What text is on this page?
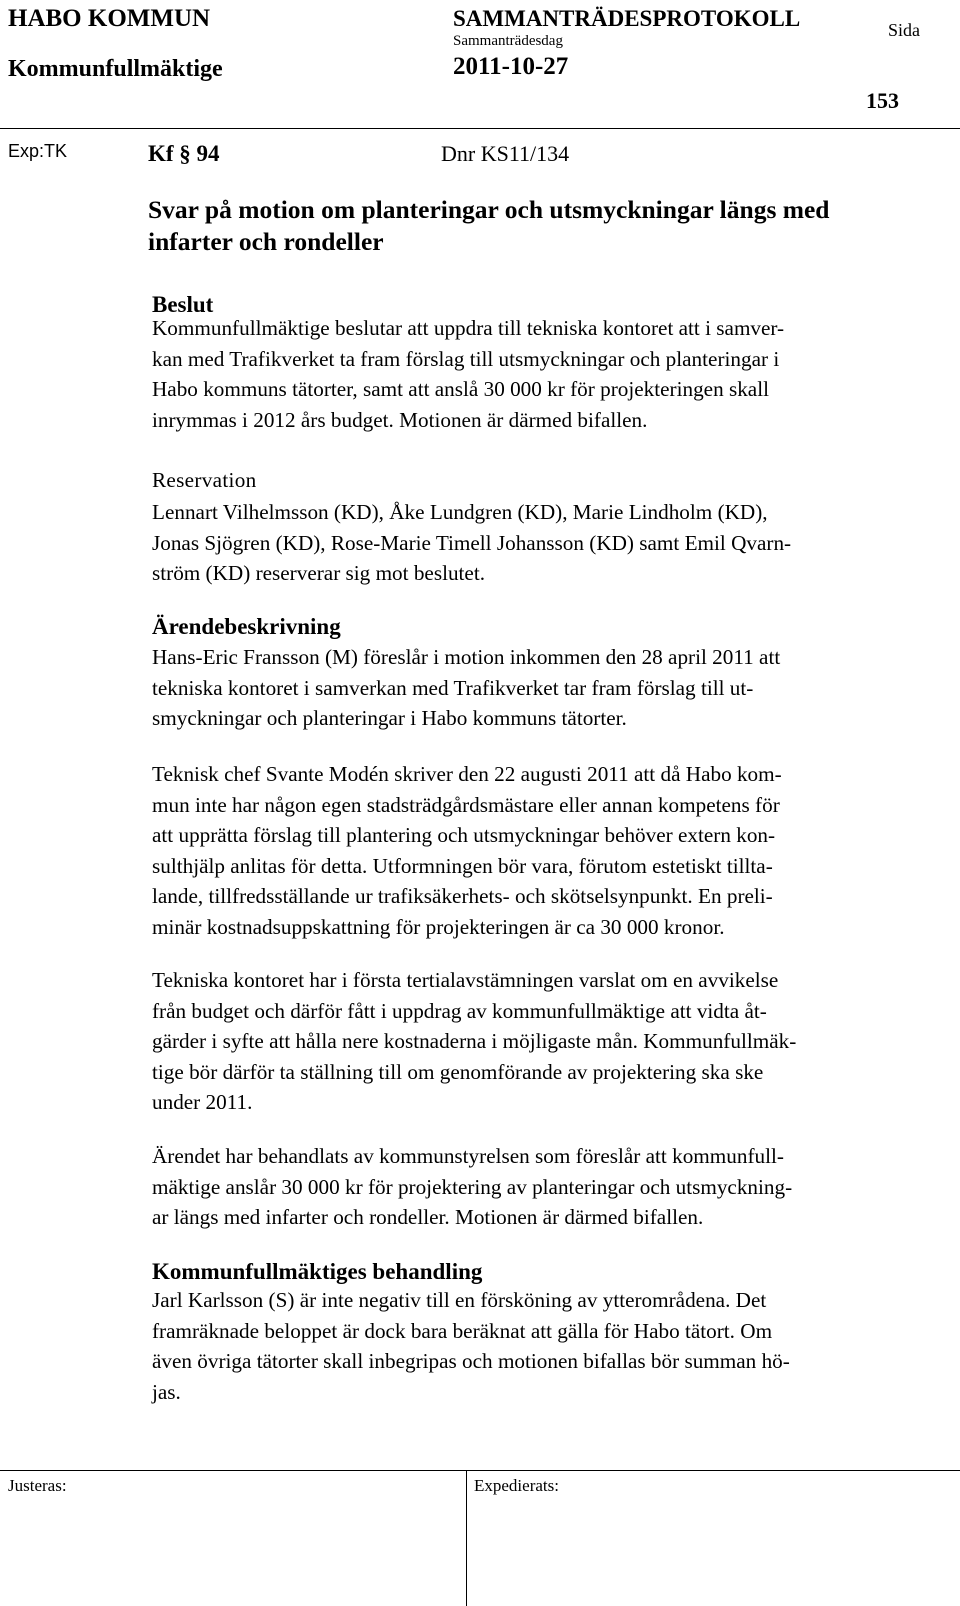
HABO KOMMUN
Kommunfullmäktige
SAMMANTRÄDESPROTOKOLL
Sammanträdesdag
2011-10-27
Sida
153
Exp:TK	Kf § 94	Dnr KS11/134
Svar på motion om planteringar och utsmyckningar längs med
infarter och rondeller
Beslut
Kommunfullmäktige beslutar att uppdra till tekniska kontoret att i samver-
kan med Trafikverket ta fram förslag till utsmyckningar och planteringar i
Habo kommuns tätorter, samt att anslå 30 000 kr för projekteringen skall
inrymmas i 2012 års budget. Motionen är därmed bifallen.
Reservation
Lennart Vilhelmsson (KD), Åke Lundgren (KD), Marie Lindholm (KD),
Jonas Sjögren (KD), Rose-Marie Timell Johansson (KD) samt Emil Qvarn-
ström (KD) reserverar sig mot beslutet.
Ärendebeskrivning
Hans-Eric Fransson (M) föreslår i motion inkommen den 28 april 2011 att
tekniska kontoret i samverkan med Trafikverket tar fram förslag till ut-
smyckningar och planteringar i Habo kommuns tätorter.
Teknisk chef Svante Modén skriver den 22 augusti 2011 att då Habo kom-
mun inte har någon egen stadsträdgårdsmästare eller annan kompetens för
att upprätta förslag till plantering och utsmyckningar behöver extern kon-
sulthjälp anlitas för detta. Utformningen bör vara, förutom estetiskt tillta-
lande, tillfredsställande ur trafiksäkerhets- och skötselsynpunkt. En preli-
minär kostnadsuppskattning för projekteringen är ca 30 000 kronor.
Tekniska kontoret har i första tertialavstämningen varslat om en avvikelse
från budget och därför fått i uppdrag av kommunfullmäktige att vidta åt-
gärder i syfte att hålla nere kostnaderna i möjligaste mån. Kommunfullmäk-
tige bör därför ta ställning till om genomförande av projektering ska ske
under 2011.
Ärendet har behandlats av kommunstyrelsen som föreslår att kommunfull-
mäktige anslår 30 000 kr för projektering av planteringar och utsmyckning-
ar längs med infarter och rondeller. Motionen är därmed bifallen.
Kommunfullmäktiges behandling
Jarl Karlsson (S) är inte negativ till en försköning av ytterområdena. Det
framräknade beloppet är dock bara beräknat att gälla för Habo tätort. Om
även övriga tätorter skall inbegripas och motionen bifallas bör summan hö-
jas.
Justeras:	Expedierats:
